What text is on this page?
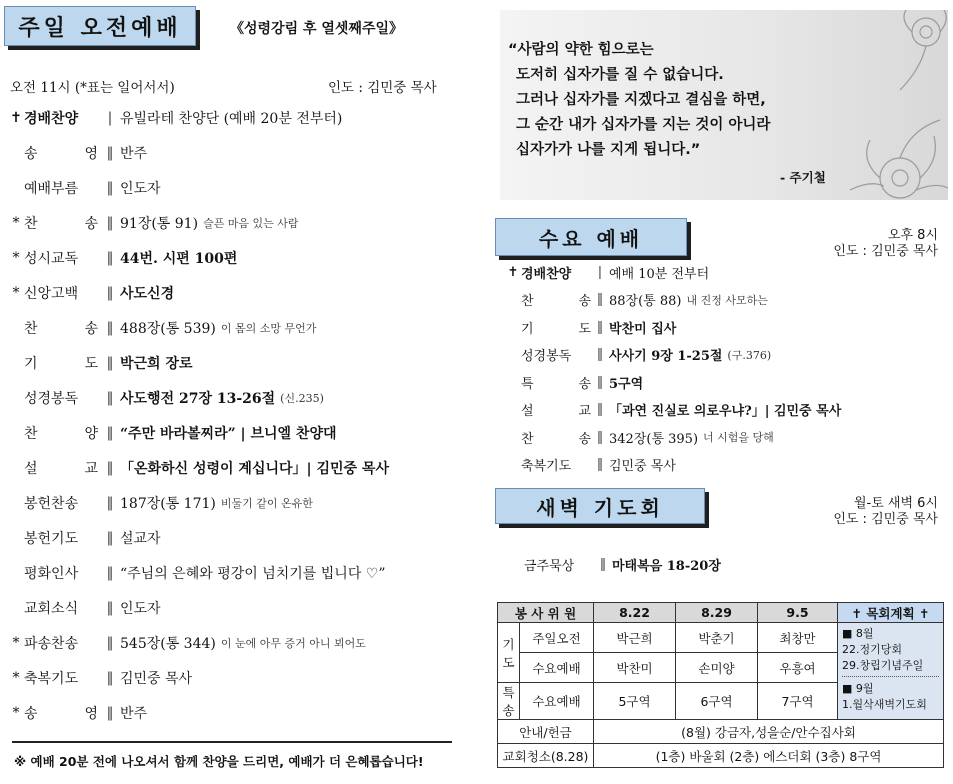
주일 오전예배	《성령강림 후 열셋째주일》
오전 11시 (*표는 일어서서)	인도 : 김민중 목사
✝ 경배찬양	| 유빌라테 찬양단 (예배 20분 전부터)
송 영 ‖ 반주
예배부름	‖ 인도자
* 찬 송 ‖ 91장(통 91) 슬픈 마음 있는 사람
* 성시교독	‖ 44번. 시편 100편
* 신앙고백	‖ 사도신경
찬 송 ‖ 488장(통 539) 이 몸의 소망 무언가
기 도 ‖ 박근희 장로
성경봉독	‖ 사도행전 27장 13-26절 (신.235)
찬 양 ‖ “주만 바라볼찌라” | 브니엘 찬양대
설 교 ‖ 「온화하신 성령이 계십니다」| 김민중 목사
봉헌찬송	‖ 187장(통 171) 비둘기 같이 온유한
봉헌기도	‖ 설교자
평화인사	‖ “주님의 은혜와 평강이 넘치기를 빕니다 ♡”
교회소식	‖ 인도자
* 파송찬송	‖ 545장(통 344) 이 눈에 아무 증거 아니 뵈어도
* 축복기도	‖ 김민중 목사
* 송 영 ‖ 반주
※ 예배 20분 전에 나오셔서 함께 찬양을 드리면, 예배가 더 은혜롭습니다!
“사람의 약한 힘으로는
도저히 십자가를 질 수 없습니다.
그러나 십자가를 지겠다고 결심을 하면,
그 순간 내가 십자가를 지는 것이 아니라
십자가가 나를 지게 됩니다.”
- 주기철
수요 예배	오후 8시
인도 : 김민중 목사
✝ 경배찬양	| 예배 10분 전부터
찬 송 ‖ 88장(통 88) 내 진정 사모하는
기 도 ‖ 박찬미 집사
성경봉독	‖ 사사기 9장 1-25절 (구.376)
특 송 ‖ 5구역
설 교 ‖ 「과연 진실로 의로우냐?」| 김민중 목사
찬 송 ‖ 342장(통 395) 너 시험을 당해
축복기도	‖ 김민중 목사
새벽 기도회	월-토 새벽 6시
인도 : 김민중 목사
금주묵상	‖ 마태복음 18-20장
봉 사 위 원		8.22	8.29	9.5	✝ 목회계획 ✝
기도	주일오전	박근희	박춘기	최창만	■ 8월
22.정기당회
29.창립기념주일
■ 9월
1.월삭새벽기도회

	수요예배	박찬미	손미양	우흥여	
특송	수요예배	5구역	6구역	7구역	
안내/헌금		(8월) 강금자,성을순/안수집사회			
교회청소(8.28)		(1층) 바울회 (2층) 에스더회 (3층) 8구역			
